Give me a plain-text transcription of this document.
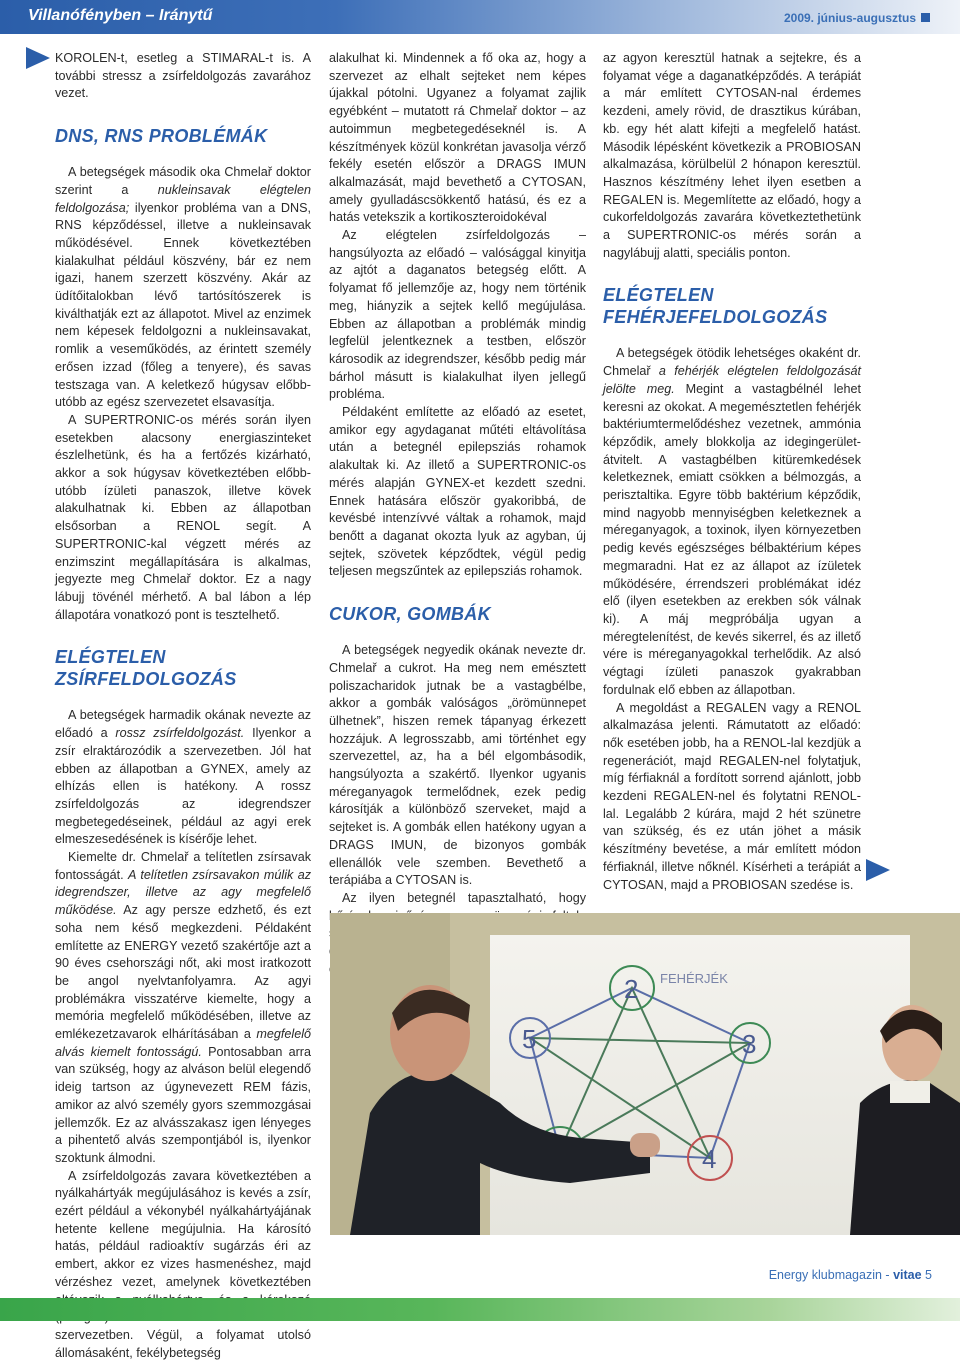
Villanófényben – Iránytű	2009. június-augusztus

KOROLEN-t, esetleg a STIMARAL-t is. A további stressz a zsírfeldolgozás zavarához vezet.

DNS, RNS PROBLÉMÁK

A betegségek második oka Chmelař doktor szerint a nukleinsavak elégtelen feldolgozása; ilyenkor probléma van a DNS, RNS képződéssel, illetve a nukleinsavak működésével. Ennek következtében kialakulhat például köszvény, bár ez nem igazi, hanem szerzett köszvény. Akár az üdítőitalokban lévő tartósítószerek is kiválthatják ezt az állapotot. Mivel az enzimek nem képesek feldolgozni a nukleinsavakat, romlik a veseműködés, az érintett személy erősen izzad (főleg a tenyere), és savas testszaga van. A keletkező húgysav előbb-utóbb az egész szervezetet elsavasítja.

A SUPERTRONIC-os mérés során ilyen esetekben alacsony energiaszinteket észlelhetünk, és ha a fertőzés kizárható, akkor a sok húgysav következtében előbb-utóbb ízületi panaszok, illetve kövek alakulhatnak ki. Ebben az állapotban elsősorban a RENOL segít. A SUPERTRONIC-kal végzett mérés az enzimszint megállapítására is alkalmas, jegyezte meg Chmelař doktor. Ez a nagy lábujj tövénél mérhető. A bal lábon a lép állapotára vonatkozó pont is tesztelhető.

ELÉGTELEN ZSÍRFELDOLGOZÁS

A betegségek harmadik okának nevezte az előadó a rossz zsírfeldolgozást. Ilyenkor a zsír elraktározódik a szervezetben. Jól hat ebben az állapotban a GYNEX, amely az elhízás ellen is hatékony. A rossz zsírfeldolgozás az idegrendszer megbetegedéseinek, például az agyi erek elmeszesedésének is kísérője lehet.

Kiemelte dr. Chmelař a telítetlen zsírsavak fontosságát. A telítetlen zsírsavakon múlik az idegrendszer, illetve az agy megfelelő működése. Az agy persze edzhető, és ezt soha nem késő megkezdeni. Példaként említette az ENERGY vezető szakértője azt a 90 éves csehországi nőt, aki most iratkozott be angol nyelvtanfolyamra. Az agyi problémákra visszatérve kiemelte, hogy a memória megfelelő működésében, illetve az emlékezetzavarok elhárításában a megfelelő alvás kiemelt fontosságú. Pontosabban arra van szükség, hogy az alváson belül elegendő ideig tartson az úgynevezett REM fázis, amikor az alvó személy gyors szemmozgásai jellemzők. Ez az alvásszakasz igen lényeges a pihentető alvás szempontjából is, ilyenkor szoktunk álmodni.

A zsírfeldolgozás zavara következtében a nyálkahártyák megújulásához is kevés a zsír, ezért például a vékonybél nyálkahártyájának hetente kellene megújulnia. Ha károsító hatás, például radioaktív sugárzás éri az embert, akkor ez vizes hasmenéshez, majd vérzéshez vezet, amelynek következtében szervezetben. Végül, a folyamat utolsó állomásaként, fekélybetegség

alakulhat ki. Mindennek a fő oka az, hogy a szervezet az elhalt sejteket nem képes újakkal pótolni. Ugyanez a folyamat zajlik egyébként – mutatott rá Chmelař doktor – az autoimmun megbetegedéseknél is. A készítmények közül konkrétan javasolja vérző fekély esetén először a DRAGS IMUN alkalmazását, majd bevethető a CYTOSAN, amely gyulladáscsökkentő hatású, és ez a hatás vetekszik a kortikoszteroidokéval

Az elégtelen zsírfeldolgozás – hangsúlyozta az előadó – valósággal kinyitja az ajtót a daganatos betegség előtt. A folyamat fő jellemzője az, hogy nem történik meg, hiányzik a sejtek kellő megújulása. Ebben az állapotban a problémák mindig legfelül jelentkeznek a testben, először károsodik az idegrendszer, később pedig már bárhol másutt is kialakulhat ilyen jellegű probléma.

Példaként említette az előadó az esetet, amikor egy agydaganat műtéti eltávolítása után a betegnél epilepsziás rohamok alakultak ki. Az illető a SUPERTRONIC-os mérés alapján GYNEX-et kezdett szedni. Ennek hatására először gyakoribbá, de kevésbé intenzívvé váltak a rohamok, majd benőtt a daganat okozta lyuk az agyban, új sejtek, szövetek képződtek, végül pedig teljesen megszűntek az epilepsziás rohamok.

CUKOR, GOMBÁK

A betegségek negyedik okának nevezte dr. Chmelař a cukrot. Ha meg nem emésztett poliszacharidok jutnak be a vastagbélbe, akkor a gombák valóságos „örömünnepet ülhetnek”, hiszen remek tápanyag érkezett hozzájuk. A legrosszabb, ami történhet egy szervezettel, az, ha a bél elgombásodik, hangsúlyozta a szakértő. Ilyenkor ugyanis méreganyagok termelődnek, ezek pedig károsítják a különböző szerveket, majd a sejteket is. A gombák ellen hatékony ugyan a DRAGS IMUN, de bizonyos gombák ellenállók vele szemben. Bevethető a terápiába a CYTOSAN is.

Az ilyen betegnél tapasztalható, hogy

az agyon keresztül hatnak a sejtekre, és a folyamat vége a daganatképződés. A terápiát a már említett CYTOSAN-nal érdemes kezdeni, amely rövid, de drasztikus kúrában, kb. egy hét alatt kifejti a megfelelő hatást. Második lépésként következik a PROBIOSAN alkalmazása, körülbelül 2 hónapon keresztül. Hasznos készítmény lehet ilyen esetben a REGALEN is. Megemlítette az előadó, hogy a cukorfeldolgozás zavarára következtethetünk a SUPERTRONIC-os mérés során a nagylábujj alatti, speciális ponton.

ELÉGTELEN FEHÉRJEFELDOLGOZÁS

A betegségek ötödik lehetséges okaként dr. Chmelař a fehérjék elégtelen feldolgozását jelölte meg. Megint a vastagbélnél lehet keresni az okokat. A megemésztetlen fehérjék baktériumtermelődéshez vezetnek, ammónia képződik, amely blokkolja az idegingerület-átvitelt. A vastagbélben kitüremkedések keletkeznek, emiatt csökken a bélmozgás, a perisztaltika. Egyre több baktérium képződik, mind nagyobb mennyiségben keletkeznek a méreganyagok, a toxinok, ilyen környezetben pedig kevés egészséges bélbaktérium képes megmaradni. Hat ez az állapot az ízületek működésére, érrendszeri problémákat idéz elő (ilyen esetekben az erekben sók válnak ki). A máj megpróbálja ugyan a méregtelenítést, de kevés sikerrel, és az illető vére is méreganyagokkal terhelődik. Az alsó végtagi ízületi panaszok gyakrabban fordulnak elő ebben az állapotban.

A megoldást a REGALEN vagy a RENOL alkalmazása jelenti. Rámutatott az előadó: nők esetében jobb, ha a RENOL-lal kezdjük a regenerációt, majd REGALEN-nel folytatjuk, míg férfiaknál a fordított sorrend ajánlott, jobb kezdeni REGALEN-nel és folytatni RENOL-lal. Legalább 2 kúrára, majd 2 hét szünetre van szükség, és ez után jöhet a másik készítmény bevetése, a már említett módon férfiaknál, illetve nőknél. Kísérheti a terápiát a CYTOSAN, majd a PROBIOSAN szedése is.

2
3
4
5
FEHÉRJÉK
Energy klubmagazin - vitae 5
